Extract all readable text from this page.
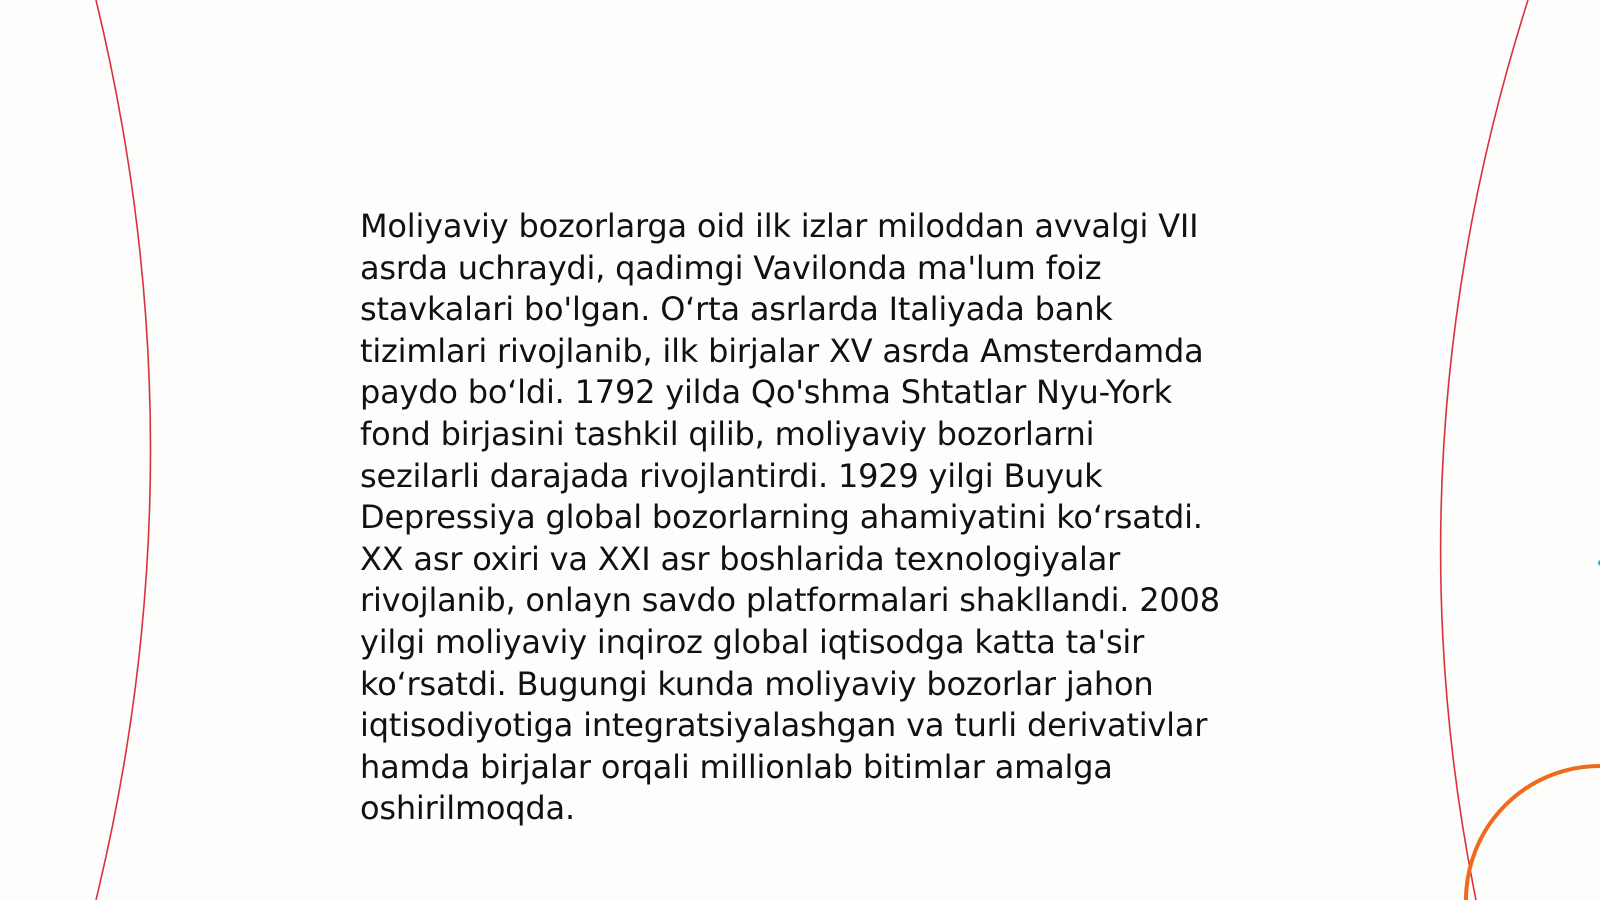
Moliyaviy bozorlarga oid ilk izlar miloddan avvalgi VII
asrda uchraydi, qadimgi Vavilonda ma'lum foiz
stavkalari bo'lgan. O‘rta asrlarda Italiyada bank
tizimlari rivojlanib, ilk birjalar XV asrda Amsterdamda
paydo bo‘ldi. 1792 yilda Qo'shma Shtatlar Nyu-York
fond birjasini tashkil qilib, moliyaviy bozorlarni
sezilarli darajada rivojlantirdi. 1929 yilgi Buyuk
Depressiya global bozorlarning ahamiyatini ko‘rsatdi.
XX asr oxiri va XXI asr boshlarida texnologiyalar
rivojlanib, onlayn savdo platformalari shakllandi. 2008
yilgi moliyaviy inqiroz global iqtisodga katta ta'sir
ko‘rsatdi. Bugungi kunda moliyaviy bozorlar jahon
iqtisodiyotiga integratsiyalashgan va turli derivativlar
hamda birjalar orqali millionlab bitimlar amalga
oshirilmoqda.
